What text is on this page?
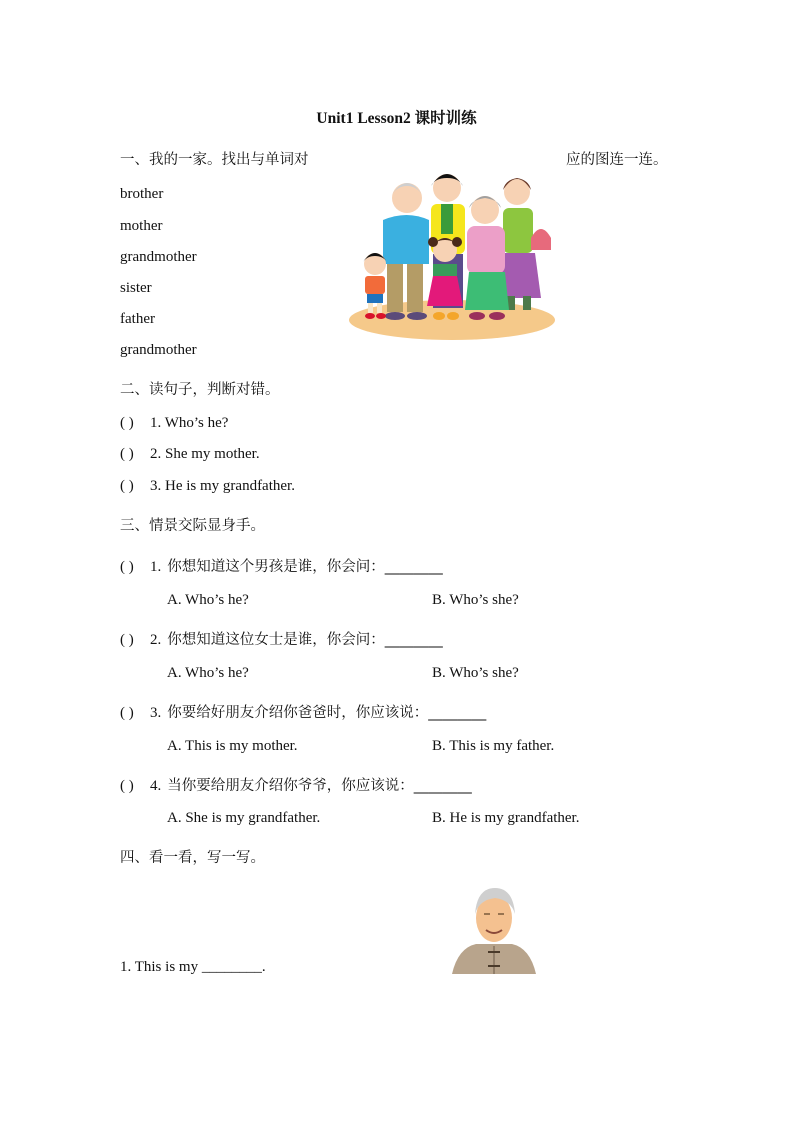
Unit1 Lesson2 课时训练
一、我的一家。找出与单词对	应的图连一连。
brother
mother
grandmother
sister
father
grandmother
二、读句子，判断对错。
( ) 1. Who’s he?
( ) 2. She my mother.
( ) 3. He is my grandfather.
三、情景交际显身手。
( ) 1. 你想知道这个男孩是谁，你会问：________
A. Who’s he?	B. Who’s she?
( ) 2. 你想知道这位女士是谁，你会问：________
A. Who’s he?	B. Who’s she?
( ) 3. 你要给好朋友介绍你爸爸时，你应该说：________
A. This is my mother.	B. This is my father.
( ) 4. 当你要给朋友介绍你爷爷，你应该说：________
A. She is my grandfather.	B. He is my grandfather.
四、看一看，写一写。
1. This is my ________.
